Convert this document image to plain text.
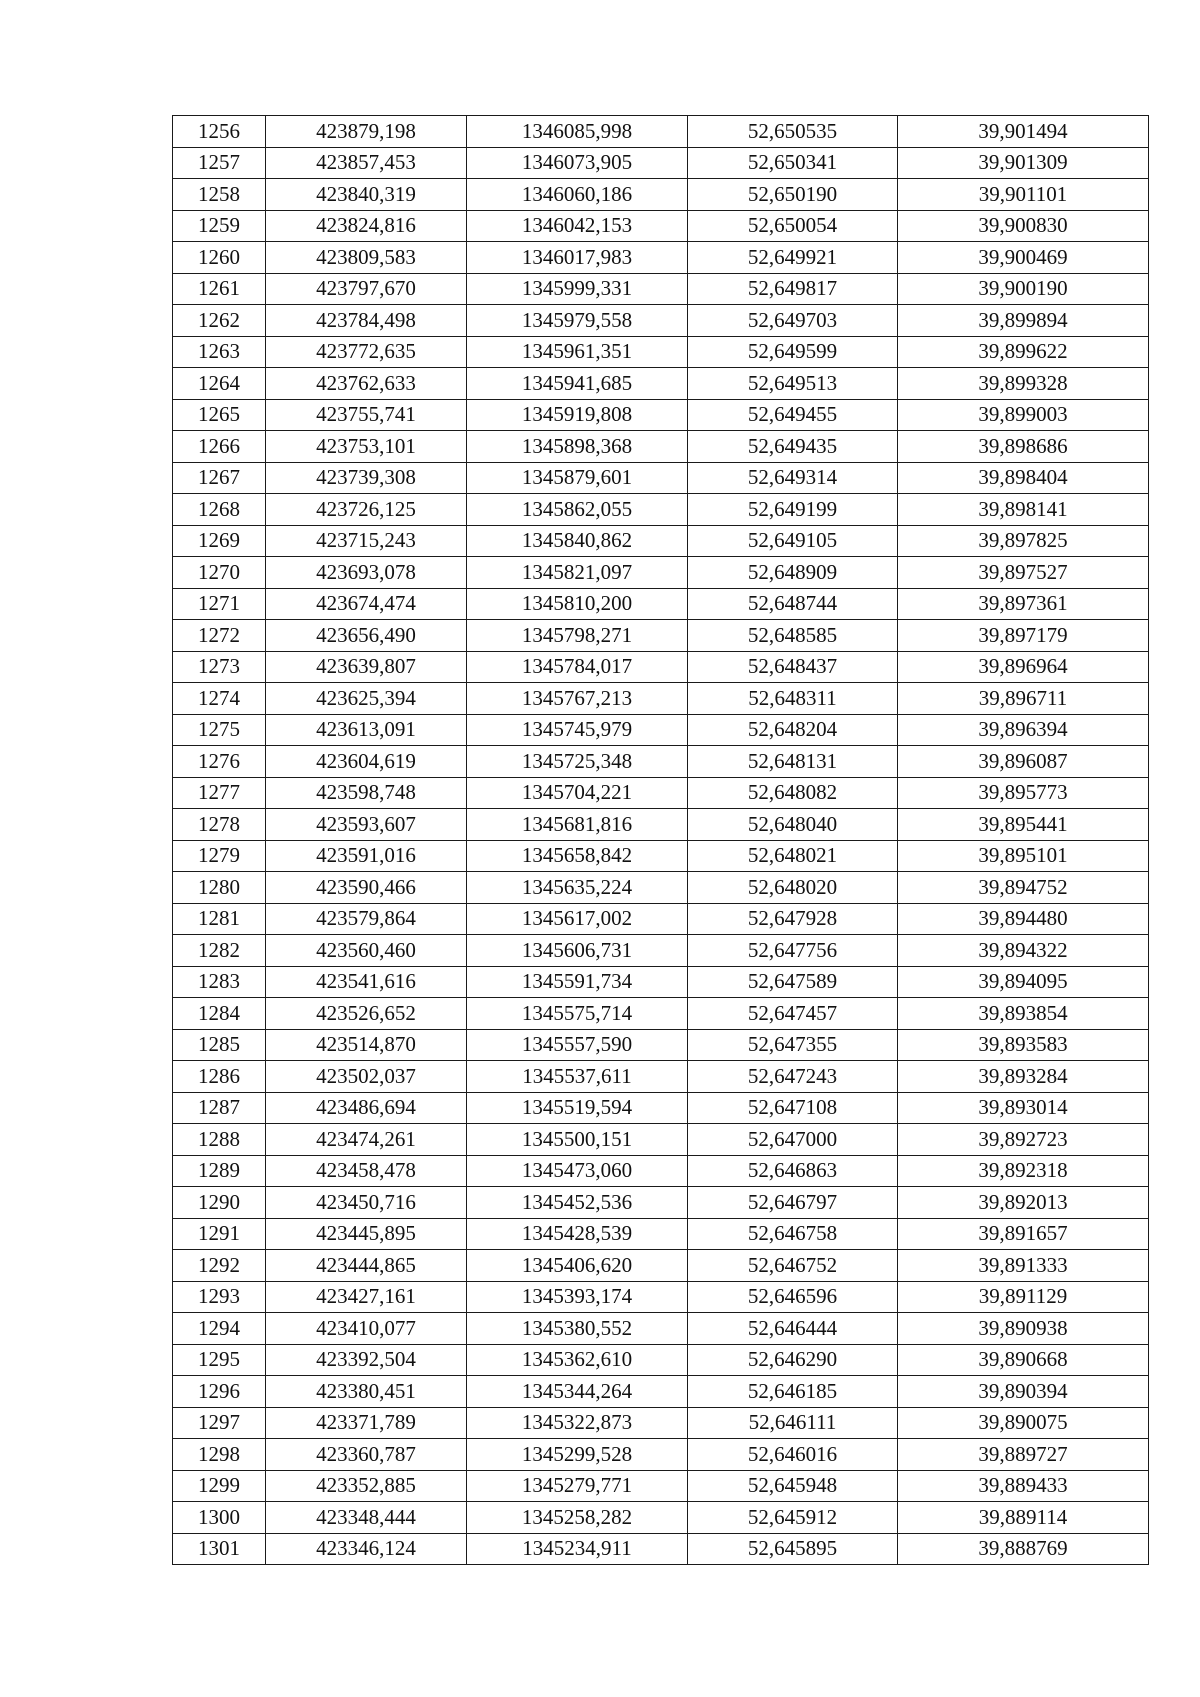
1256	423879,198	1346085,998	52,650535	39,901494
1257	423857,453	1346073,905	52,650341	39,901309
1258	423840,319	1346060,186	52,650190	39,901101
1259	423824,816	1346042,153	52,650054	39,900830
1260	423809,583	1346017,983	52,649921	39,900469
1261	423797,670	1345999,331	52,649817	39,900190
1262	423784,498	1345979,558	52,649703	39,899894
1263	423772,635	1345961,351	52,649599	39,899622
1264	423762,633	1345941,685	52,649513	39,899328
1265	423755,741	1345919,808	52,649455	39,899003
1266	423753,101	1345898,368	52,649435	39,898686
1267	423739,308	1345879,601	52,649314	39,898404
1268	423726,125	1345862,055	52,649199	39,898141
1269	423715,243	1345840,862	52,649105	39,897825
1270	423693,078	1345821,097	52,648909	39,897527
1271	423674,474	1345810,200	52,648744	39,897361
1272	423656,490	1345798,271	52,648585	39,897179
1273	423639,807	1345784,017	52,648437	39,896964
1274	423625,394	1345767,213	52,648311	39,896711
1275	423613,091	1345745,979	52,648204	39,896394
1276	423604,619	1345725,348	52,648131	39,896087
1277	423598,748	1345704,221	52,648082	39,895773
1278	423593,607	1345681,816	52,648040	39,895441
1279	423591,016	1345658,842	52,648021	39,895101
1280	423590,466	1345635,224	52,648020	39,894752
1281	423579,864	1345617,002	52,647928	39,894480
1282	423560,460	1345606,731	52,647756	39,894322
1283	423541,616	1345591,734	52,647589	39,894095
1284	423526,652	1345575,714	52,647457	39,893854
1285	423514,870	1345557,590	52,647355	39,893583
1286	423502,037	1345537,611	52,647243	39,893284
1287	423486,694	1345519,594	52,647108	39,893014
1288	423474,261	1345500,151	52,647000	39,892723
1289	423458,478	1345473,060	52,646863	39,892318
1290	423450,716	1345452,536	52,646797	39,892013
1291	423445,895	1345428,539	52,646758	39,891657
1292	423444,865	1345406,620	52,646752	39,891333
1293	423427,161	1345393,174	52,646596	39,891129
1294	423410,077	1345380,552	52,646444	39,890938
1295	423392,504	1345362,610	52,646290	39,890668
1296	423380,451	1345344,264	52,646185	39,890394
1297	423371,789	1345322,873	52,646111	39,890075
1298	423360,787	1345299,528	52,646016	39,889727
1299	423352,885	1345279,771	52,645948	39,889433
1300	423348,444	1345258,282	52,645912	39,889114
1301	423346,124	1345234,911	52,645895	39,888769
